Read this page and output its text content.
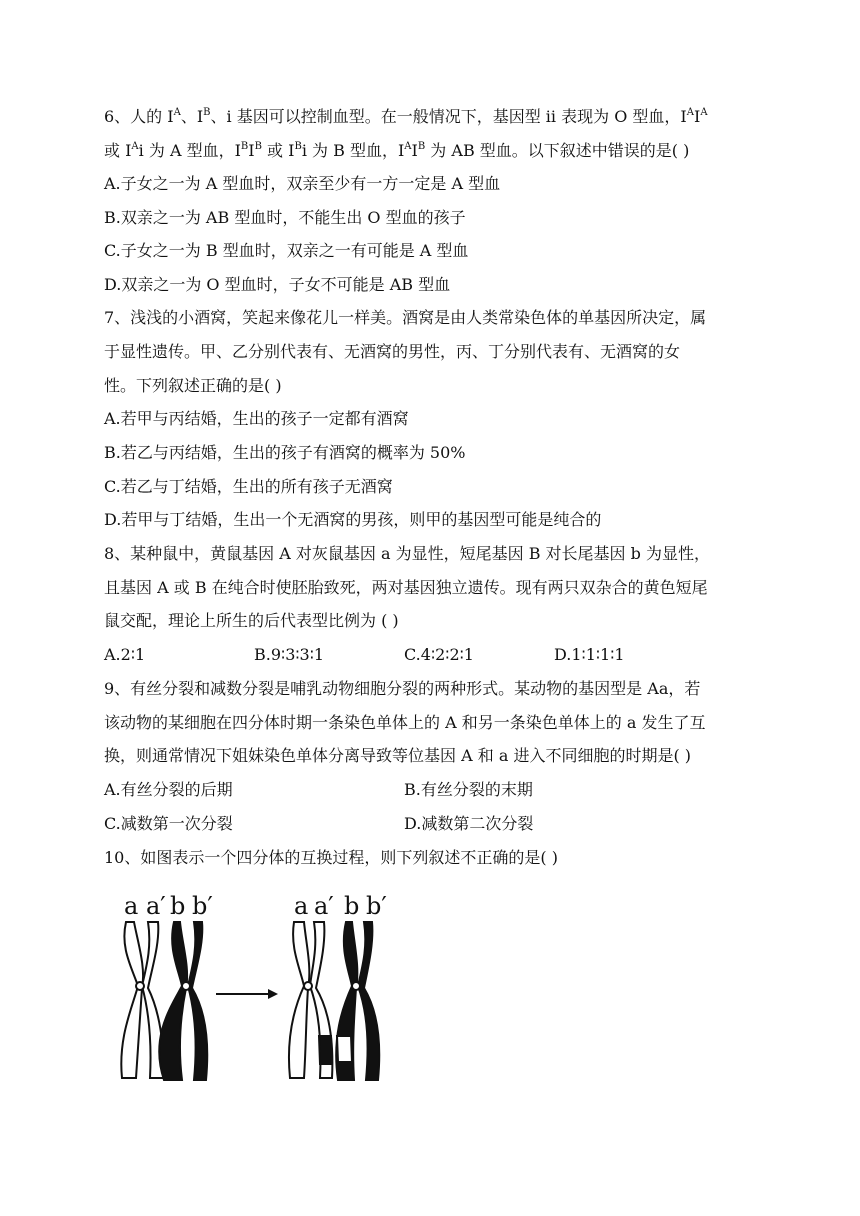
6、人的 $I^A$、$I^B$、i 基因可以控制血型。在一般情况下，基因型 ii 表现为 O 型血，$I^AI^A$
或 $I^Ai$ 为 A 型血，$I^BI^B$ 或 $I^Bi$ 为 B 型血，$I^AI^B$ 为 AB 型血。以下叙述中错误的是( )
A.子女之一为 A 型血时，双亲至少有一方一定是 A 型血
B.双亲之一为 AB 型血时，不能生出 O 型血的孩子
C.子女之一为 B 型血时，双亲之一有可能是 A 型血
D.双亲之一为 O 型血时，子女不可能是 AB 型血
7、浅浅的小酒窝，笑起来像花儿一样美。酒窝是由人类常染色体的单基因所决定，属
于显性遗传。甲、乙分别代表有、无酒窝的男性，丙、丁分别代表有、无酒窝的女
性。下列叙述正确的是( )
A.若甲与丙结婚，生出的孩子一定都有酒窝
B.若乙与丙结婚，生出的孩子有酒窝的概率为 50%
C.若乙与丁结婚，生出的所有孩子无酒窝
D.若甲与丁结婚，生出一个无酒窝的男孩，则甲的基因型可能是纯合的
8、某种鼠中，黄鼠基因 A 对灰鼠基因 a 为显性，短尾基因 B 对长尾基因 b 为显性，
且基因 A 或 B 在纯合时使胚胎致死，两对基因独立遗传。现有两只双杂合的黄色短尾
鼠交配，理论上所生的后代表型比例为 ( )
A.2∶1	B.9∶3∶3∶1	C.4∶2∶2∶1	D.1∶1∶1∶1
9、有丝分裂和减数分裂是哺乳动物细胞分裂的两种形式。某动物的基因型是 Aa，若
该动物的某细胞在四分体时期一条染色单体上的 A 和另一条染色单体上的 a 发生了互
换，则通常情况下姐妹染色单体分离导致等位基因 A 和 a 进入不同细胞的时期是( )
A.有丝分裂的后期	B.有丝分裂的末期
C.减数第一次分裂	D.减数第二次分裂
10、如图表示一个四分体的互换过程，则下列叙述不正确的是( )
a a′ b b′	a a′ b b′
